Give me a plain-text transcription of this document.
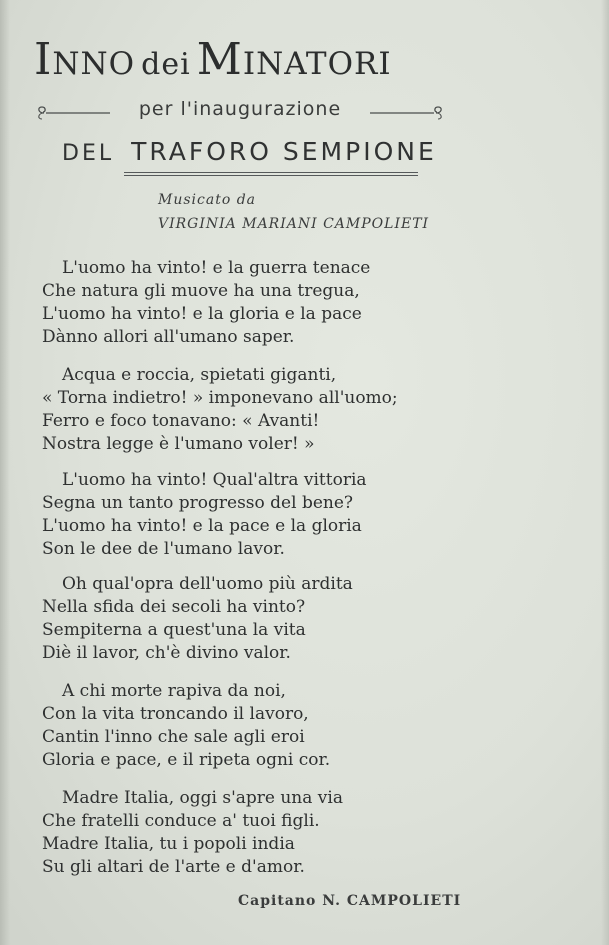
Inno dei Minatori
per l'inaugurazione
DEL TRAFORO SEMPIONE
Musicato da
VIRGINIA MARIANI CAMPOLIETI
L'uomo ha vinto! e la guerra tenace
Che natura gli muove ha una tregua,
L'uomo ha vinto! e la gloria e la pace
Dànno allori all'umano saper.
Acqua e roccia, spietati giganti,
« Torna indietro! » imponevano all'uomo;
Ferro e foco tonavano: « Avanti!
Nostra legge è l'umano voler! »
L'uomo ha vinto! Qual'altra vittoria
Segna un tanto progresso del bene?
L'uomo ha vinto! e la pace e la gloria
Son le dee de l'umano lavor.
Oh qual'opra dell'uomo più ardita
Nella sfida dei secoli ha vinto?
Sempiterna a quest'una la vita
Diè il lavor, ch'è divino valor.
A chi morte rapiva da noi,
Con la vita troncando il lavoro,
Cantin l'inno che sale agli eroi
Gloria e pace, e il ripeta ogni cor.
Madre Italia, oggi s'apre una via
Che fratelli conduce a' tuoi figli.
Madre Italia, tu i popoli india
Su gli altari de l'arte e d'amor.
Capitano N. CAMPOLIETI
